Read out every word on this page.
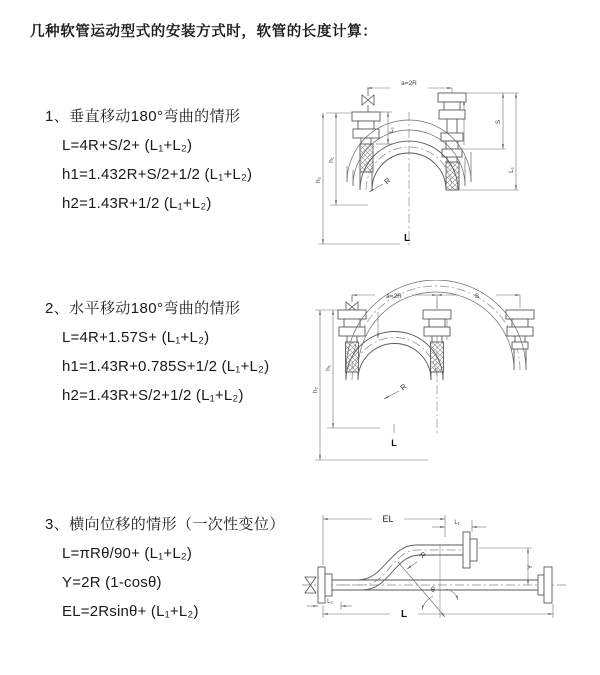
几种软管运动型式的安装方式时，软管的长度计算：
1、垂直移动180°弯曲的情形
L=4R+S/2+ (L₁+L₂)
h1=1.432R+S/2+1/2 (L₁+L₂)
h2=1.43R+1/2 (L₁+L₂)
2、水平移动180°弯曲的情形
L=4R+1.57S+ (L₁+L₂)
h1=1.43R+0.785S+1/2 (L₁+L₂)
h2=1.43R+S/2+1/2 (L₁+L₂)
3、横向位移的情形（一次性变位）
L=πRθ/90+ (L₁+L₂)
Y=2R (1-cosθ)
EL=2Rsinθ+ (L₁+L₂)
a=2R
h₂
h₁
L₁
S
L₁
R
L
a=2R	S
h₂
h₁
R
L
EL	L₁
Y
R
θ
L
L₂
